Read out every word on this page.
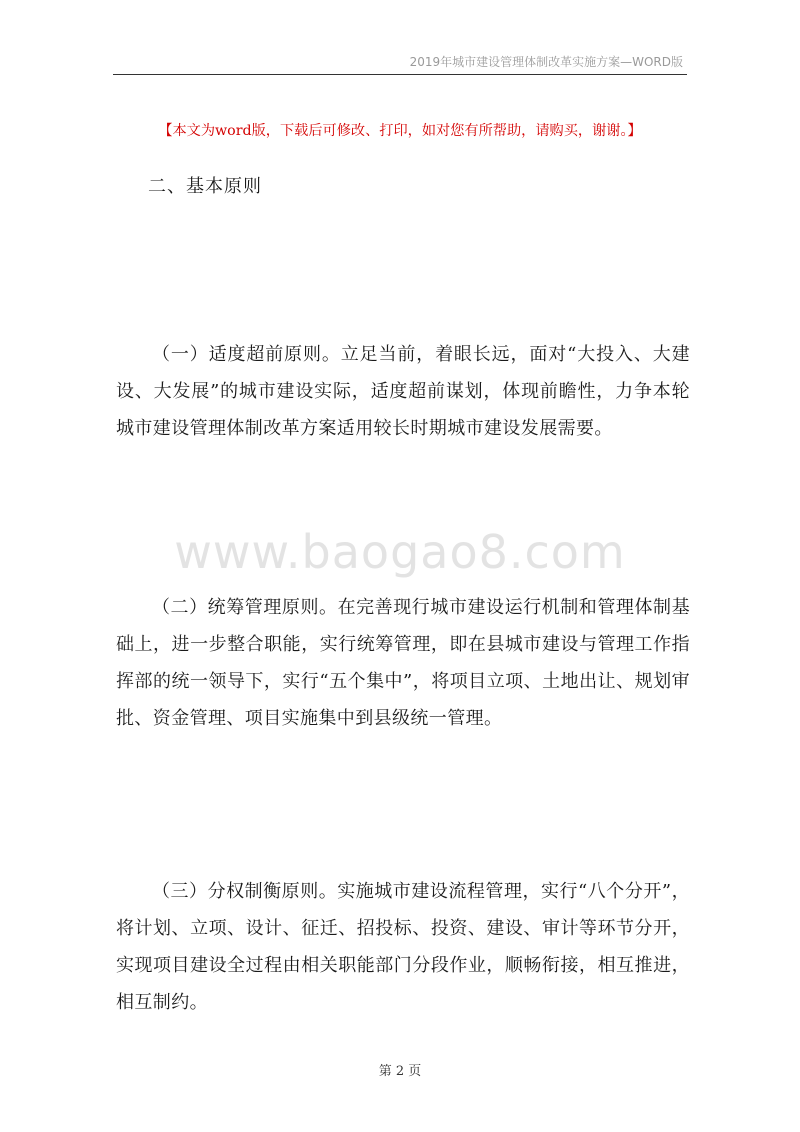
2019年城市建设管理体制改革实施方案—WORD版
【本文为word版，下载后可修改、打印，如对您有所帮助，请购买，谢谢。】
二、基本原则

（一）适度超前原则。立足当前，着眼长远，面对“大投入、大建设、大发展”的城市建设实际，适度超前谋划，体现前瞻性，力争本轮城市建设管理体制改革方案适用较长时期城市建设发展需要。

www.baogao8.com

（二）统筹管理原则。在完善现行城市建设运行机制和管理体制基础上，进一步整合职能，实行统筹管理，即在县城市建设与管理工作指挥部的统一领导下，实行“五个集中”，将项目立项、土地出让、规划审批、资金管理、项目实施集中到县级统一管理。

（三）分权制衡原则。实施城市建设流程管理，实行“八个分开”，将计划、立项、设计、征迁、招投标、投资、建设、审计等环节分开，实现项目建设全过程由相关职能部门分段作业，顺畅衔接，相互推进，相互制约。

第 2 页
